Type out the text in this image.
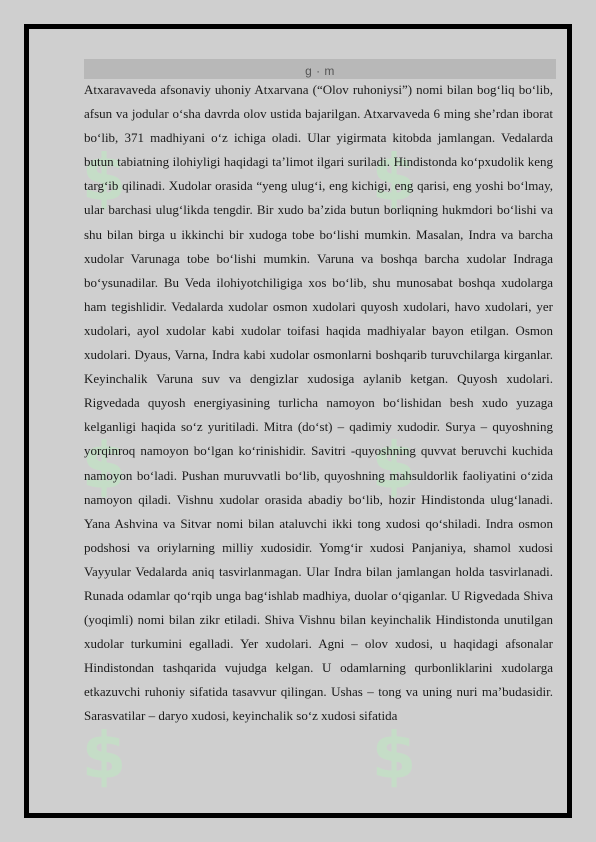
$	$
$	$
$	$
g · m

Atxaravaveda afsonaviy uhoniy Atxarvana (“Olov ruhoniysi”) nomi bilan bog‘liq bo‘lib, afsun va jodular o‘sha davrda olov ustida bajarilgan. Atxarvaveda 6 ming she’rdan iborat bo‘lib, 371 madhiyani o‘z ichiga oladi. Ular yigirmata kitobda jamlangan. Vedalarda butun tabiatning ilohiyligi haqidagi ta’limot ilgari suriladi. Hindistonda ko‘pxudolik keng targ‘ib qilinadi. Xudolar orasida “yeng ulug‘i, eng kichigi, eng qarisi, eng yoshi bo‘lmay, ular barchasi ulug‘likda tengdir. Bir xudo ba’zida butun borliqning hukmdori bo‘lishi va shu bilan birga u ikkinchi bir xudoga tobe bo‘lishi mumkin. Masalan, Indra va barcha xudolar Varunaga tobe bo‘lishi mumkin. Varuna va boshqa barcha xudolar Indraga bo‘ysunadilar. Bu Veda ilohiyotchiligiga xos bo‘lib, shu munosabat boshqa xudolarga ham tegishlidir. Vedalarda xudolar osmon xudolari quyosh xudolari, havo xudolari, yer xudolari, ayol xudolar kabi xudolar toifasi haqida madhiyalar bayon etilgan. Osmon xudolari. Dyaus, Varna, Indra kabi xudolar osmonlarni boshqarib turuvchilarga kirganlar. Keyinchalik Varuna suv va dengizlar xudosiga aylanib ketgan. Quyosh xudolari. Rigvedada quyosh energiyasining turlicha namoyon bo‘lishidan besh xudo yuzaga kelganligi haqida so‘z yuritiladi. Mitra (do‘st) – qadimiy xudodir. Surya – quyoshning yorqinroq namoyon bo‘lgan ko‘rinishidir. Savitri -quyoshning quvvat beruvchi kuchida namoyon bo‘ladi. Pushan muruvvatli bo‘lib, quyoshning mahsuldorlik faoliyatini o‘zida namoyon qiladi. Vishnu xudolar orasida abadiy bo‘lib, hozir Hindistonda ulug‘lanadi. Yana Ashvina va Sitvar nomi bilan ataluvchi ikki tong xudosi qo‘shiladi. Indra osmon podshosi va oriylarning milliy xudosidir. Yomg‘ir xudosi Panjaniya, shamol xudosi Vayyular Vedalarda aniq tasvirlanmagan. Ular Indra bilan jamlangan holda tasvirlanadi. Runada odamlar qo‘rqib unga bag‘ishlab madhiya, duolar o‘qiganlar. U Rigvedada Shiva (yoqimli) nomi bilan zikr etiladi. Shiva Vishnu bilan keyinchalik Hindistonda unutilgan xudolar turkumini egalladi. Yer xudolari. Agni – olov xudosi, u haqidagi afsonalar Hindistondan tashqarida vujudga kelgan. U odamlarning qurbonliklarini xudolarga etkazuvchi ruhoniy sifatida tasavvur qilingan. Ushas – tong va uning nuri ma’budasidir. Sarasvatilar – daryo xudosi, keyinchalik so‘z xudosi sifatida
